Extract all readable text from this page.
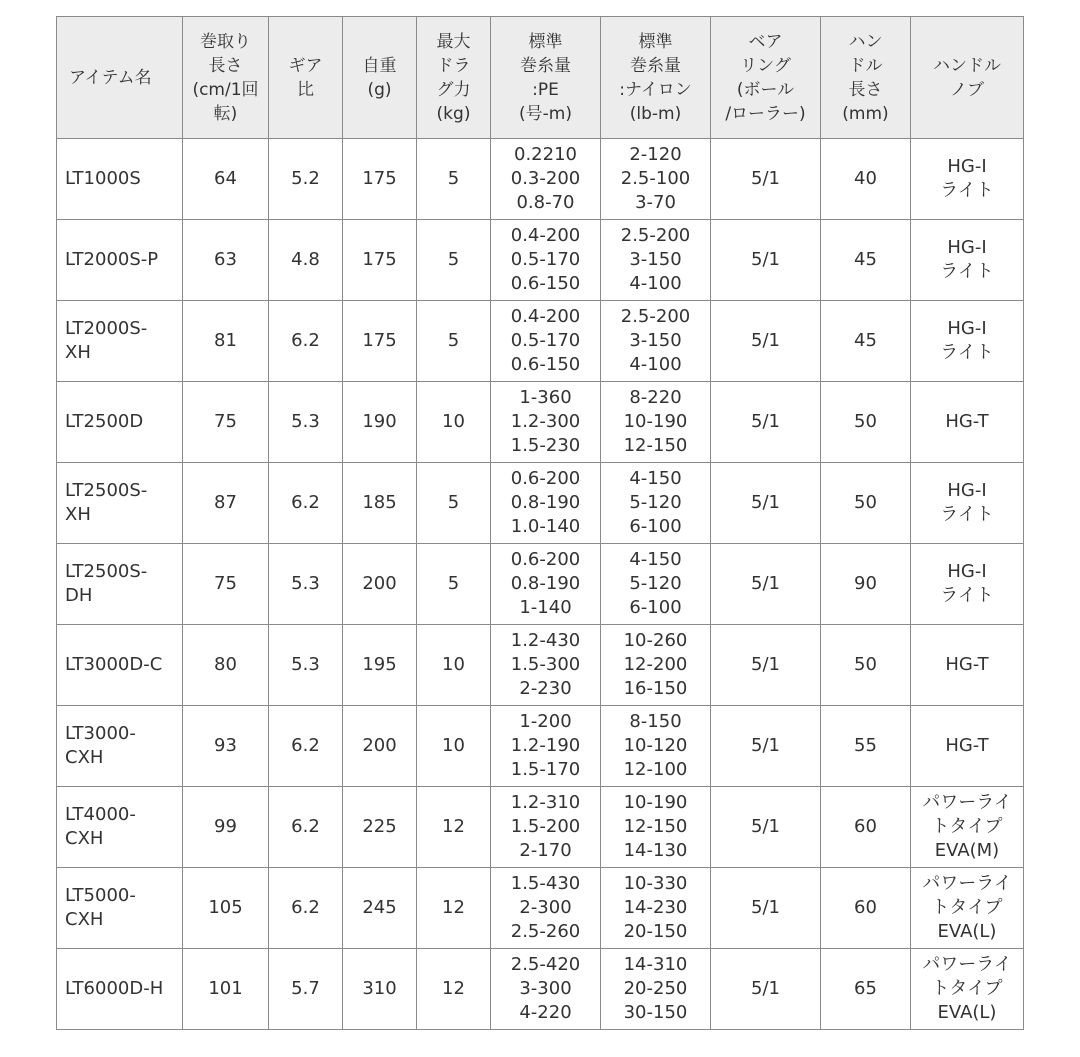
アイテム名	巻取り
長さ
(cm/1回
転)	ギア
比	自重
(g)	最大
ドラ
グ力
(kg)	標準
巻糸量
:PE
(号-m)	標準
巻糸量
:ナイロン
(lb-m)	ベア
リング
(ボール
/ローラー)	ハン
ドル
長さ
(mm)	ハンドル
ノブ

LT1000S	64	5.2	175	5	0.2210
0.3-200
0.8-70	2-120
2.5-100
3-70	5/1	40	HG-I
ライト

LT2000S-P	63	4.8	175	5	0.4-200
0.5-170
0.6-150	2.5-200
3-150
4-100	5/1	45	HG-I
ライト

LT2000S-
XH	81	6.2	175	5	0.4-200
0.5-170
0.6-150	2.5-200
3-150
4-100	5/1	45	HG-I
ライト

LT2500D	75	5.3	190	10	1-360
1.2-300
1.5-230	8-220
10-190
12-150	5/1	50	HG-T

LT2500S-
XH	87	6.2	185	5	0.6-200
0.8-190
1.0-140	4-150
5-120
6-100	5/1	50	HG-I
ライト

LT2500S-
DH	75	5.3	200	5	0.6-200
0.8-190
1-140	4-150
5-120
6-100	5/1	90	HG-I
ライト

LT3000D-C	80	5.3	195	10	1.2-430
1.5-300
2-230	10-260
12-200
16-150	5/1	50	HG-T

LT3000-
CXH	93	6.2	200	10	1-200
1.2-190
1.5-170	8-150
10-120
12-100	5/1	55	HG-T

LT4000-
CXH	99	6.2	225	12	1.2-310
1.5-200
2-170	10-190
12-150
14-130	5/1	60	パワーライ
トタイプ
EVA(M)

LT5000-
CXH	105	6.2	245	12	1.5-430
2-300
2.5-260	10-330
14-230
20-150	5/1	60	パワーライ
トタイプ
EVA(L)

LT6000D-H	101	5.7	310	12	2.5-420
3-300
4-220	14-310
20-250
30-150	5/1	65	パワーライ
トタイプ
EVA(L)
